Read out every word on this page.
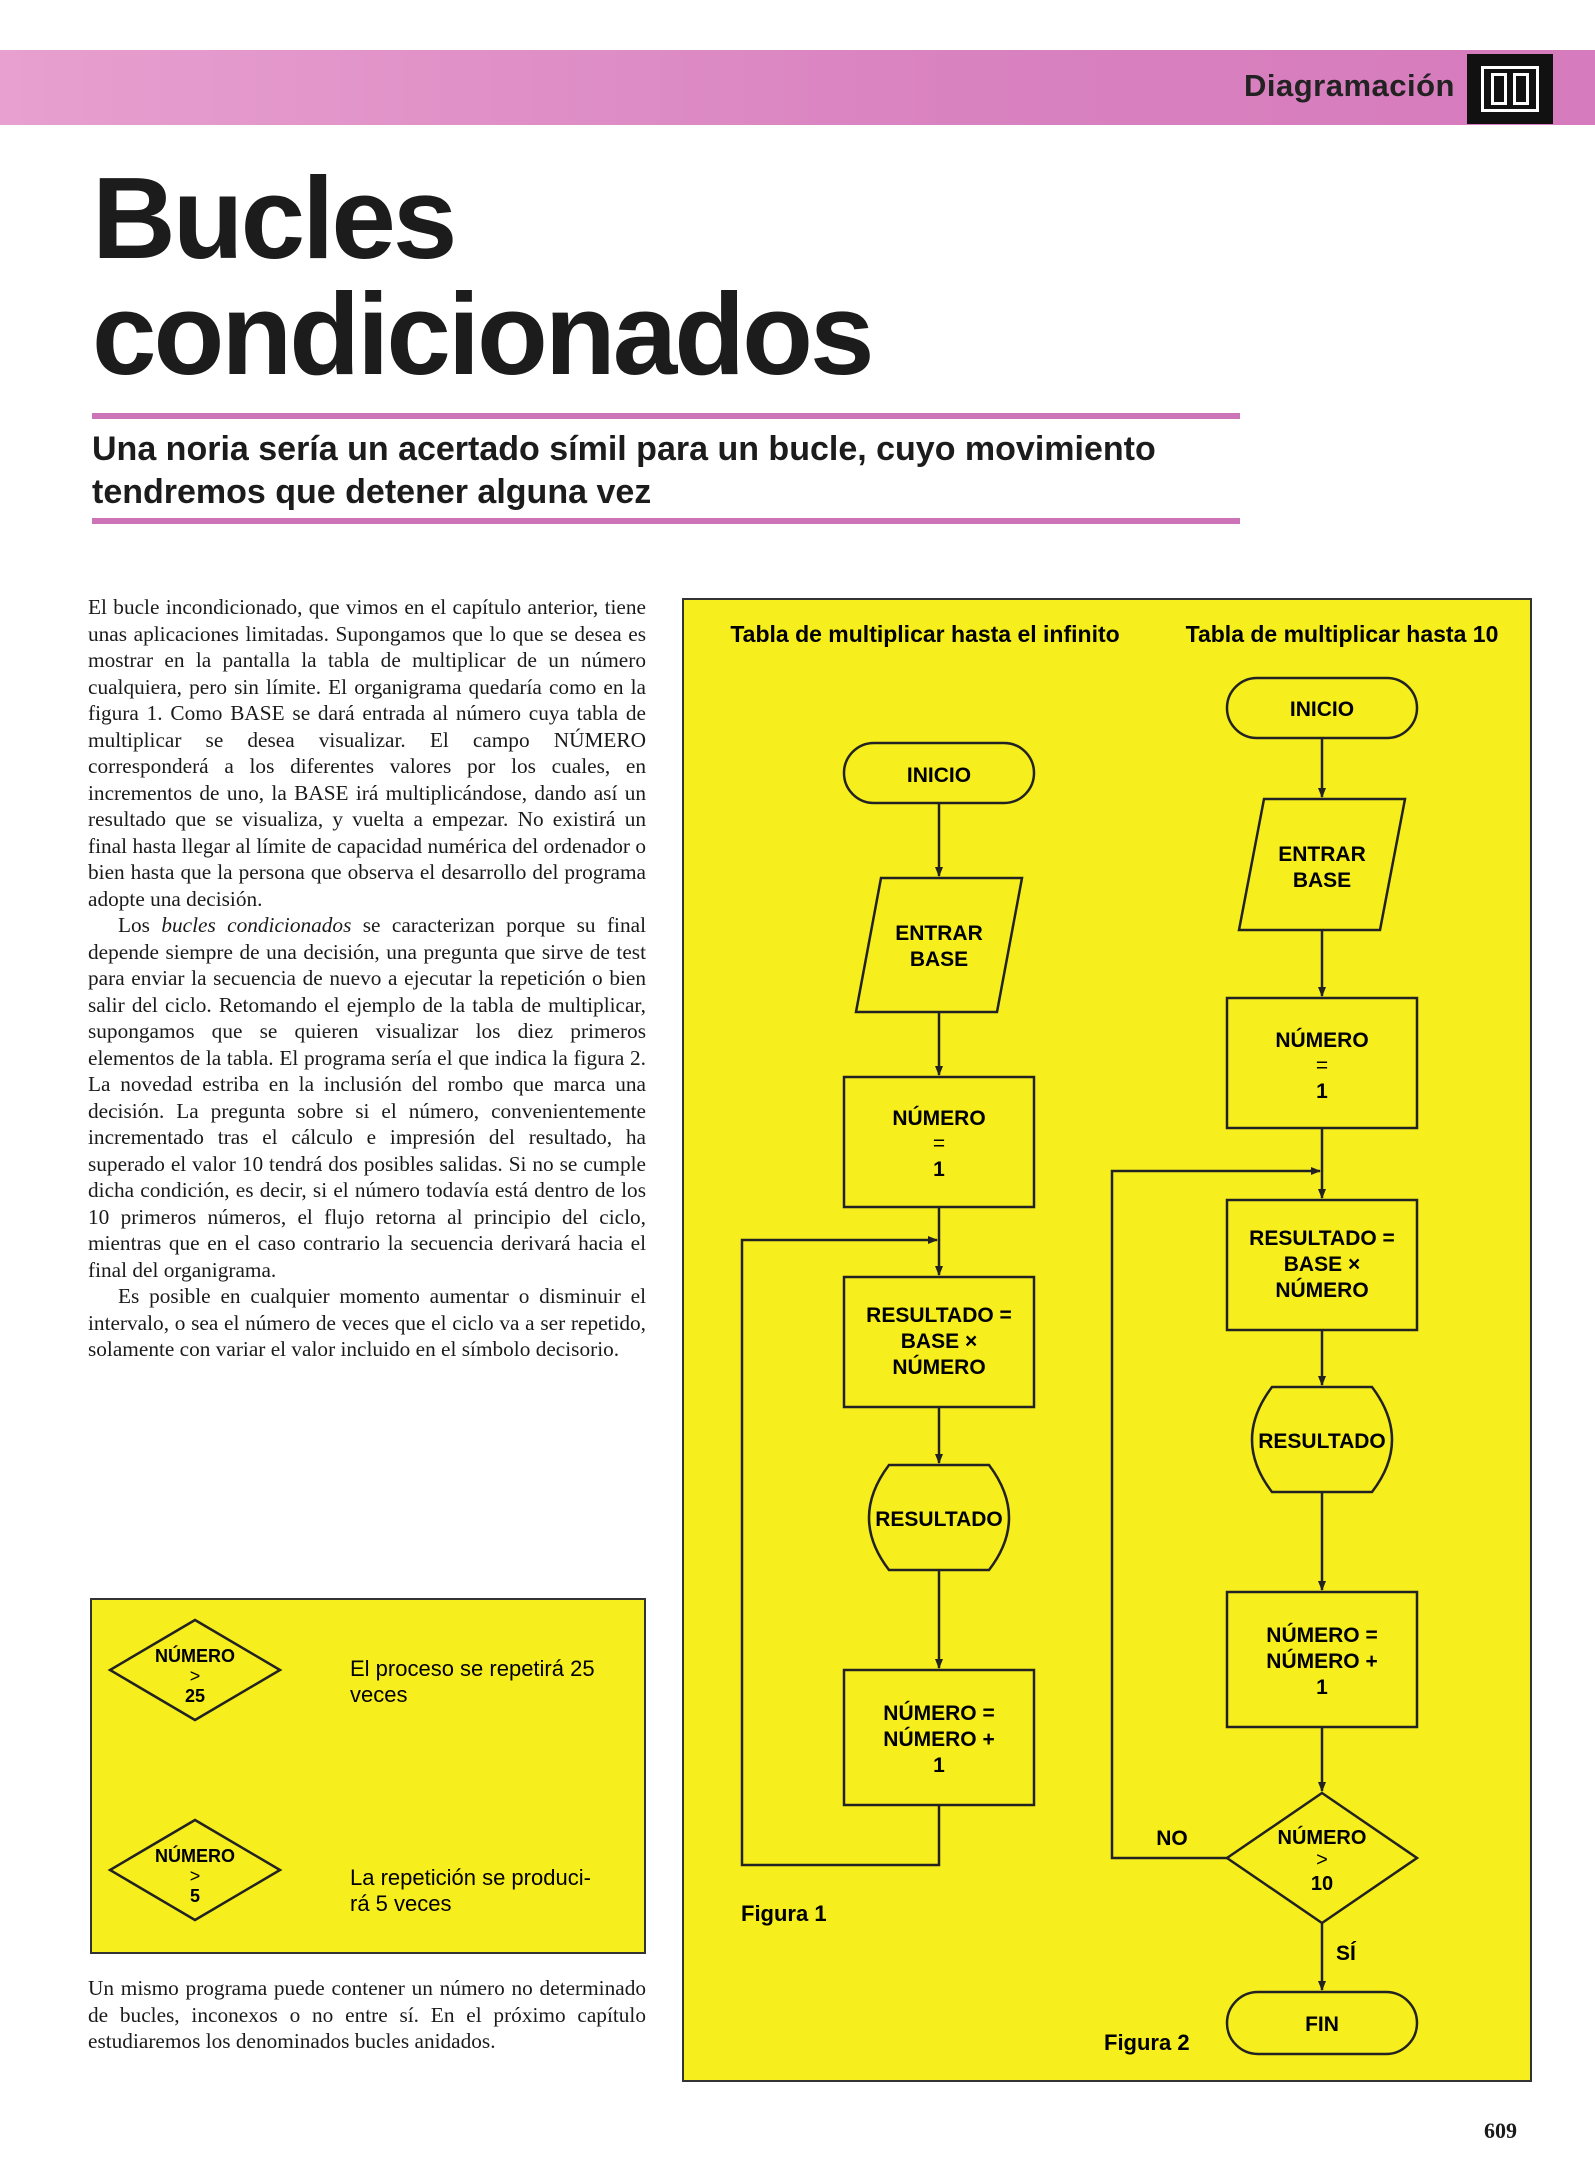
Diagramación
Bucles
condicionados
Una noria sería un acertado símil para un bucle, cuyo movimiento tendremos que detener alguna vez

El bucle incondicionado, que vimos en el capítulo anterior, tiene unas aplicaciones limitadas. Supongamos que lo que se desea es mostrar en la pantalla la tabla de multiplicar de un número cualquiera, pero sin límite. El organigrama quedaría como en la figura 1. Como BASE se dará entrada al número cuya tabla de multiplicar se desea visualizar. El campo NÚMERO corresponderá a los diferentes valores por los cuales, en incrementos de uno, la BASE irá multiplicándose, dando así un resultado que se visualiza, y vuelta a empezar. No existirá un final hasta llegar al límite de capacidad numérica del ordenador o bien hasta que la persona que observa el desarrollo del programa adopte una decisión.

Los bucles condicionados se caracterizan porque su final depende siempre de una decisión, una pregunta que sirve de test para enviar la secuencia de nuevo a ejecutar la repetición o bien salir del ciclo. Retomando el ejemplo de la tabla de multiplicar, supongamos que se quieren visualizar los diez primeros elementos de la tabla. El programa sería el que indica la figura 2. La novedad estriba en la inclusión del rombo que marca una decisión. La pregunta sobre si el número, convenientemente incrementado tras el cálculo e impresión del resultado, ha superado el valor 10 tendrá dos posibles salidas. Si no se cumple dicha condición, es decir, si el número todavía está dentro de los 10 primeros números, el flujo retorna al principio del ciclo, mientras que en el caso contrario la secuencia derivará hacia el final del organigrama.

Es posible en cualquier momento aumentar o disminuir el intervalo, o sea el número de veces que el ciclo va a ser repetido, solamente con variar el valor incluido en el símbolo decisorio.

NÚMERO
>
25
El proceso se repetirá 25
veces
NÚMERO
>
5
La repetición se produci-
rá 5 veces

Un mismo programa puede contener un número no determinado de bucles, inconexos o no entre sí. En el próximo capítulo estudiaremos los denominados bucles anidados.

Tabla de multiplicar hasta el infinito	Tabla de multiplicar hasta 10
INICIO
ENTRAR
BASE
NÚMERO
=
1
RESULTADO =
BASE ×
NÚMERO
RESULTADO
NÚMERO =
NÚMERO +
1
Figura 1
INICIO
ENTRAR
BASE
NÚMERO
=
1
RESULTADO =
BASE ×
NÚMERO
RESULTADO
NÚMERO =
NÚMERO +
1
NÚMERO
>
10
NO
SÍ
FIN
Figura 2
609
